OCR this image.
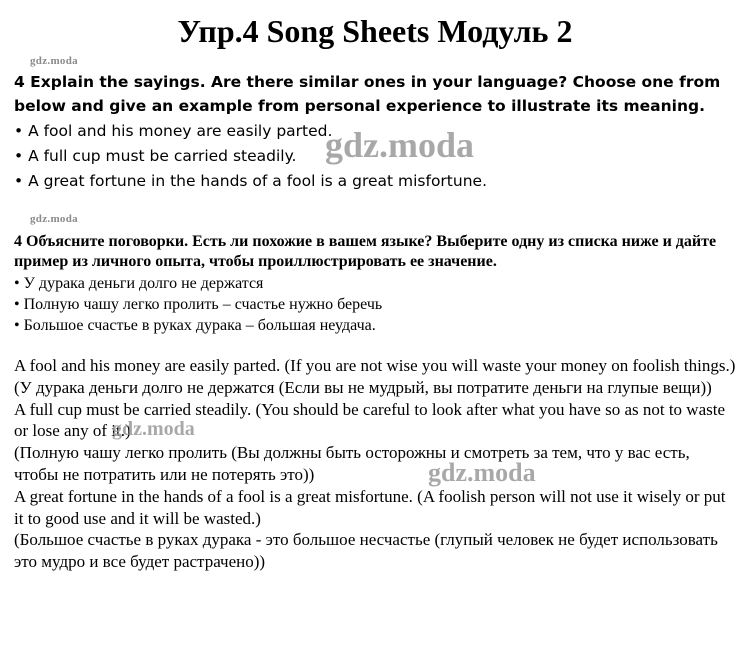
Упр.4 Song Sheets Модуль 2
gdz.moda
4 Explain the sayings. Are there similar ones in your language? Choose one from below and give an example from personal experience to illustrate its meaning.
• A fool and his money are easily parted.
• A full cup must be carried steadily.
• A great fortune in the hands of a fool is a great misfortune.
gdz.moda
gdz.moda
4 Объясните поговорки. Есть ли похожие в вашем языке? Выберите одну из списка ниже и дайте пример из личного опыта, чтобы проиллюстрировать ее значение.
• У дурака деньги долго не держатся
• Полную чашу легко пролить – счастье нужно беречь
• Большое счастье в руках дурака – большая неудача.

A fool and his money are easily parted. (If you are not wise you will waste your money on foolish things.)

(У дурака деньги долго не держатся (Если вы не мудрый, вы потратите деньги на глупые вещи))

A full cup must be carried steadily. (You should be careful to look after what you have so as not to waste or lose any of it.)

(Полную чашу легко пролить (Вы должны быть осторожны и смотреть за тем, что у вас есть, чтобы не потратить или не потерять это))

A great fortune in the hands of a fool is a great misfortune. (A foolish person will not use it wisely or put it to good use and it will be wasted.)

(Большое счастье в руках дурака - это большое несчастье (глупый человек не будет использовать это мудро и все будет растрачено))

gdz.moda
gdz.moda
